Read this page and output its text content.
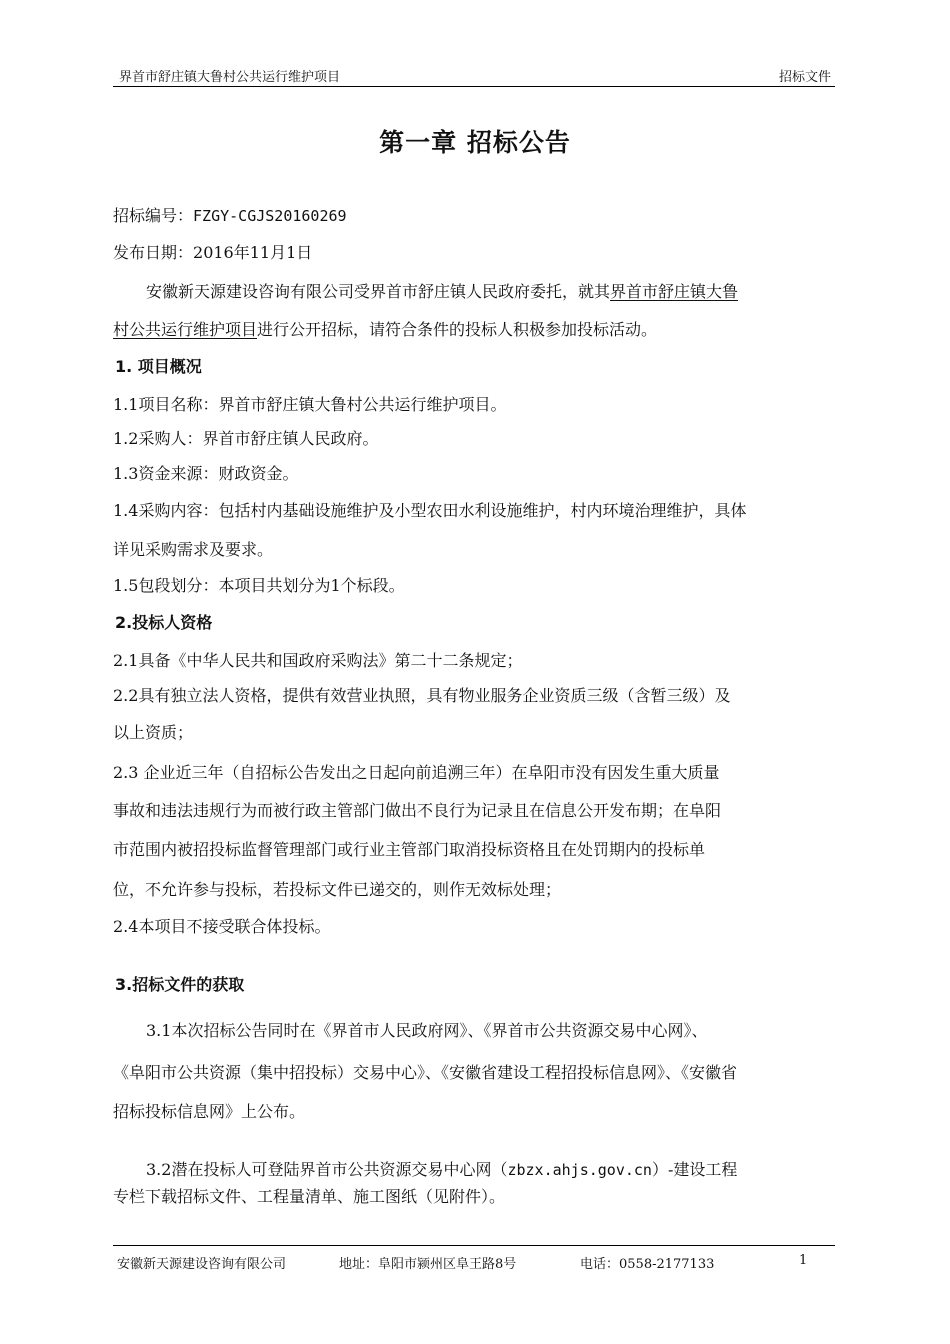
界首市舒庄镇大鲁村公共运行维护项目	招标文件
第一章 招标公告
招标编号：FZGY-CGJS20160269
发布日期：2016年11月1日
安徽新天源建设咨询有限公司受界首市舒庄镇人民政府委托，就其界首市舒庄镇大鲁
村公共运行维护项目进行公开招标，请符合条件的投标人积极参加投标活动。
1. 项目概况
1.1项目名称：界首市舒庄镇大鲁村公共运行维护项目。
1.2采购人：界首市舒庄镇人民政府。
1.3资金来源：财政资金。
1.4采购内容：包括村内基础设施维护及小型农田水利设施维护，村内环境治理维护，具体
详见采购需求及要求。
1.5包段划分：本项目共划分为1个标段。
2.投标人资格
2.1具备《中华人民共和国政府采购法》第二十二条规定；
2.2具有独立法人资格，提供有效营业执照，具有物业服务企业资质三级（含暂三级）及
以上资质；
2.3 企业近三年（自招标公告发出之日起向前追溯三年）在阜阳市没有因发生重大质量
事故和违法违规行为而被行政主管部门做出不良行为记录且在信息公开发布期；在阜阳
市范围内被招投标监督管理部门或行业主管部门取消投标资格且在处罚期内的投标单
位，不允许参与投标，若投标文件已递交的，则作无效标处理；
2.4本项目不接受联合体投标。
3.招标文件的获取
3.1本次招标公告同时在《界首市人民政府网》、《界首市公共资源交易中心网》、
《阜阳市公共资源（集中招投标）交易中心》、《安徽省建设工程招投标信息网》、《安徽省
招标投标信息网》上公布。
3.2潜在投标人可登陆界首市公共资源交易中心网（zbzx.ahjs.gov.cn）-建设工程
专栏下载招标文件、工程量清单、施工图纸（见附件）。
安徽新天源建设咨询有限公司	地址：阜阳市颍州区阜王路8号	电话：0558-2177133	1
